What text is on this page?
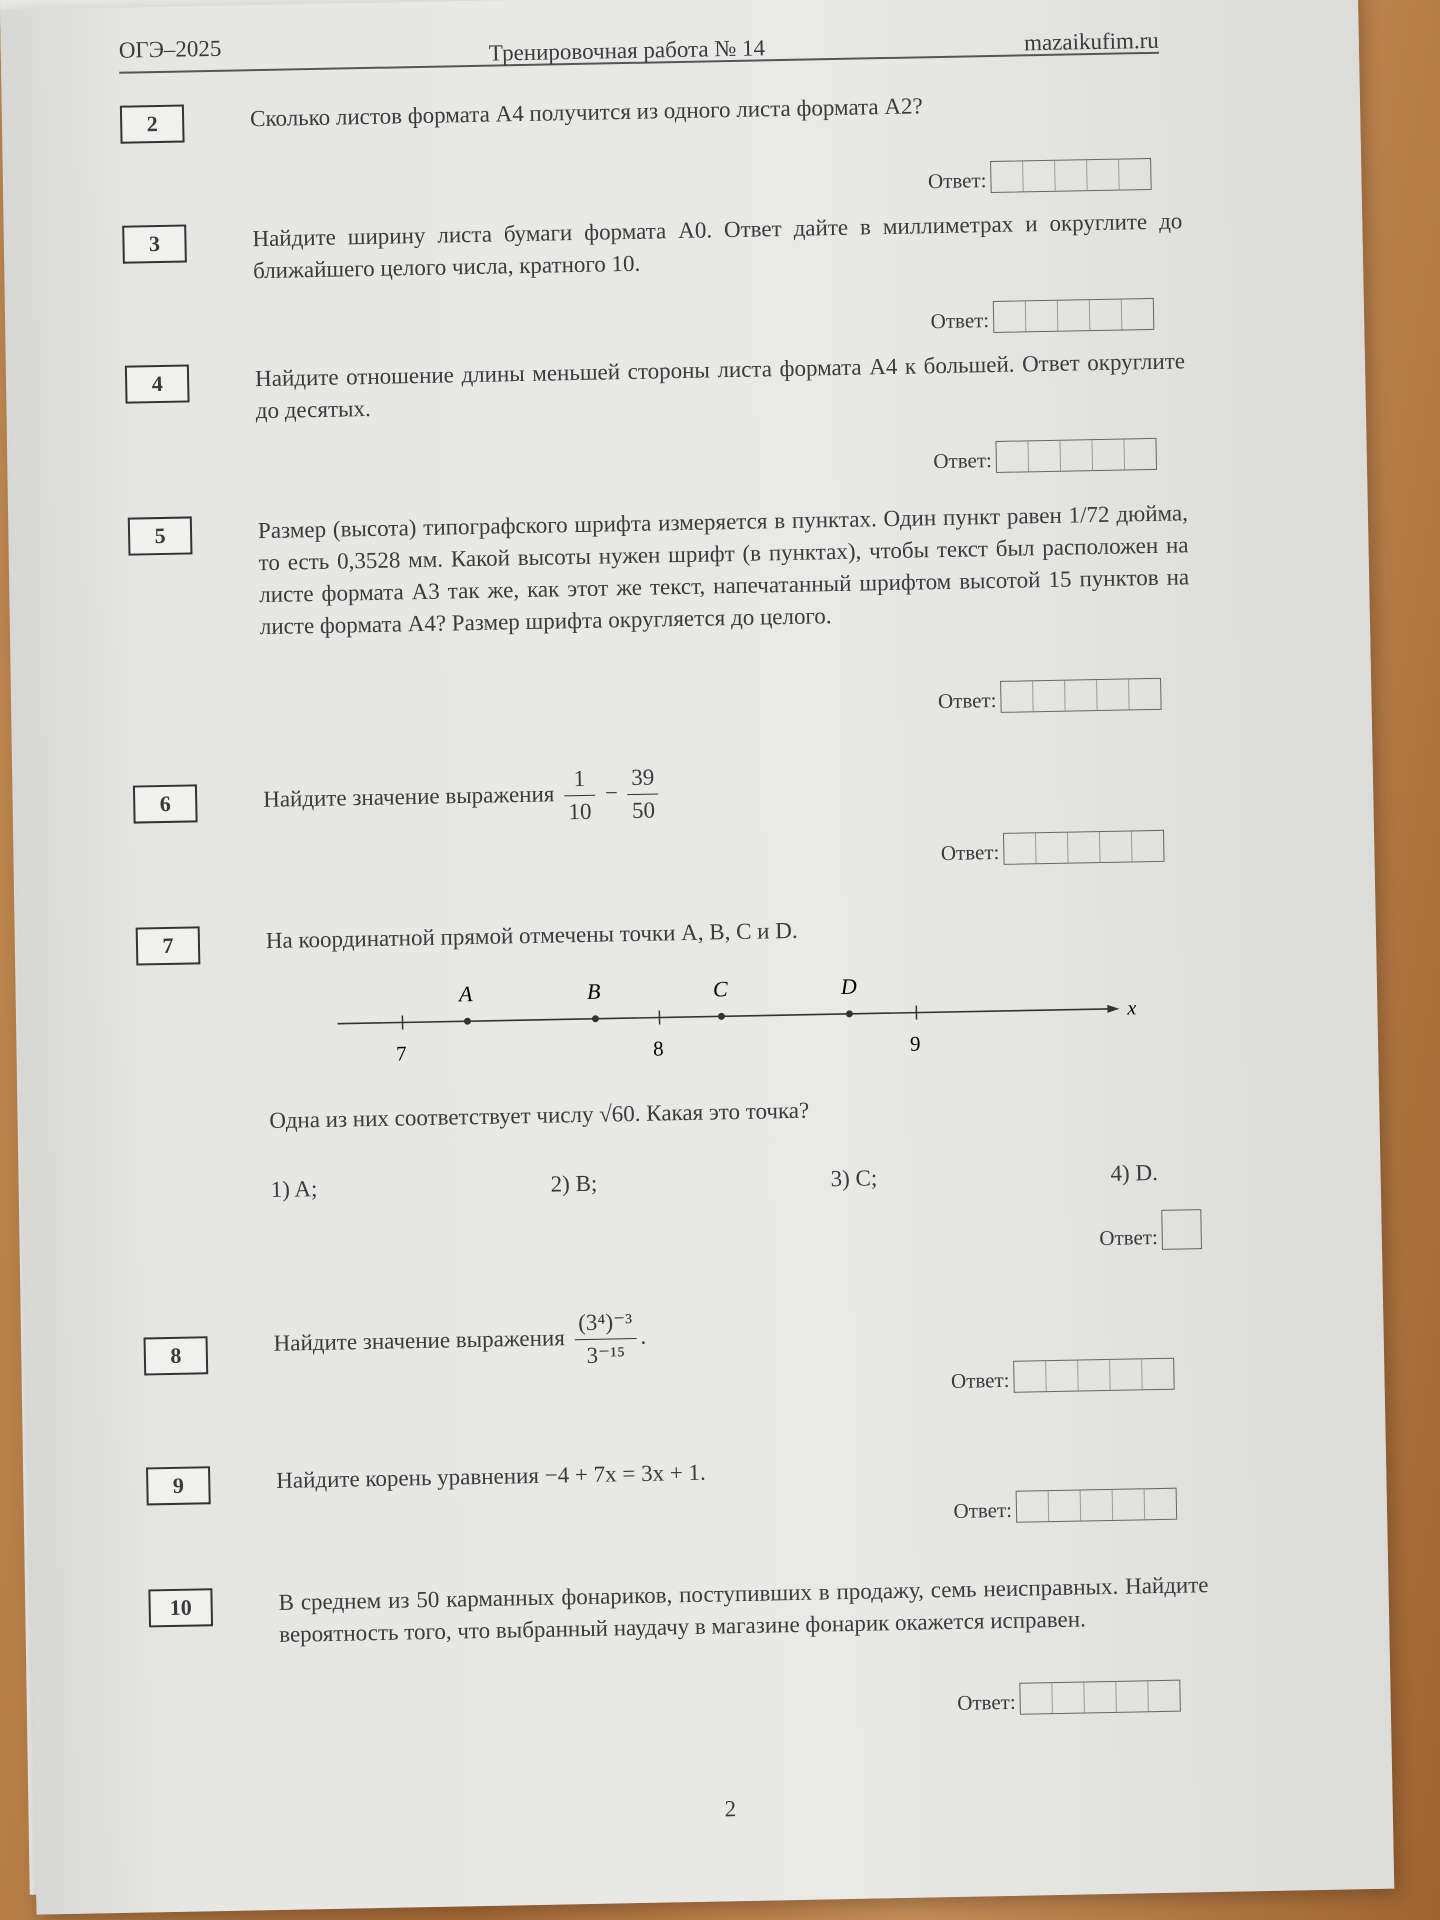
ОГЭ–2025	Тренировочная работа № 14	mazaikufim.ru
2	Сколько листов формата А4 получится из одного листа формата А2?
Ответ:
3	Найдите ширину листа бумаги формата А0. Ответ дайте в миллиметрах и округлите до ближайшего целого числа, кратного 10.
Ответ:
4	Найдите отношение длины меньшей стороны листа формата А4 к большей. Ответ округлите до десятых.
Ответ:
5	Размер (высота) типографского шрифта измеряется в пунктах. Один пункт равен 1/72 дюйма, то есть 0,3528 мм. Какой высоты нужен шрифт (в пунктах), чтобы текст был расположен на листе формата А3 так же, как этот же текст, напечатанный шрифтом высотой 15 пунктов на листе формата А4? Размер шрифта округляется до целого.
Ответ:
6	Найдите значение выражения $\frac{1}{10} - \frac{39}{50}$
Ответ:
7	На координатной прямой отмечены точки A, B, C и D.
x
7	8	9
A	B	C	D
Одна из них соответствует числу √60. Какая это точка?
1) A;	2) B;	3) C;	4) D.
Ответ:
8	Найдите значение выражения $\frac{\text{(3⁴)⁻³}}{\text{3⁻¹⁵}}$ .
Ответ:
9	Найдите корень уравнения −4 + 7x = 3x + 1.
Ответ:
10	В среднем из 50 карманных фонариков, поступивших в продажу, семь неисправных. Найдите вероятность того, что выбранный наудачу в магазине фонарик окажется исправен.
Ответ:
2
